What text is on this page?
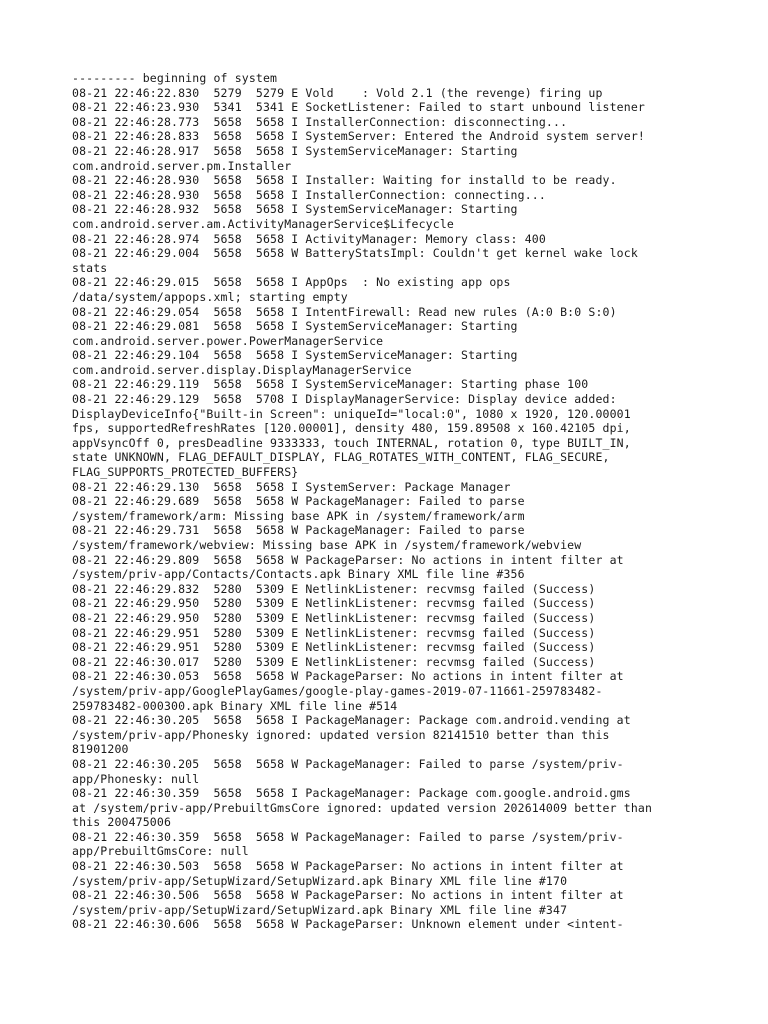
--------- beginning of system
08-21 22:46:22.830  5279  5279 E Vold    : Vold 2.1 (the revenge) firing up
08-21 22:46:23.930  5341  5341 E SocketListener: Failed to start unbound listener
08-21 22:46:28.773  5658  5658 I InstallerConnection: disconnecting...
08-21 22:46:28.833  5658  5658 I SystemServer: Entered the Android system server!
08-21 22:46:28.917  5658  5658 I SystemServiceManager: Starting
com.android.server.pm.Installer
08-21 22:46:28.930  5658  5658 I Installer: Waiting for installd to be ready.
08-21 22:46:28.930  5658  5658 I InstallerConnection: connecting...
08-21 22:46:28.932  5658  5658 I SystemServiceManager: Starting
com.android.server.am.ActivityManagerService$Lifecycle
08-21 22:46:28.974  5658  5658 I ActivityManager: Memory class: 400
08-21 22:46:29.004  5658  5658 W BatteryStatsImpl: Couldn't get kernel wake lock
stats
08-21 22:46:29.015  5658  5658 I AppOps  : No existing app ops
/data/system/appops.xml; starting empty
08-21 22:46:29.054  5658  5658 I IntentFirewall: Read new rules (A:0 B:0 S:0)
08-21 22:46:29.081  5658  5658 I SystemServiceManager: Starting
com.android.server.power.PowerManagerService
08-21 22:46:29.104  5658  5658 I SystemServiceManager: Starting
com.android.server.display.DisplayManagerService
08-21 22:46:29.119  5658  5658 I SystemServiceManager: Starting phase 100
08-21 22:46:29.129  5658  5708 I DisplayManagerService: Display device added:
DisplayDeviceInfo{"Built-in Screen": uniqueId="local:0", 1080 x 1920, 120.00001
fps, supportedRefreshRates [120.00001], density 480, 159.89508 x 160.42105 dpi,
appVsyncOff 0, presDeadline 9333333, touch INTERNAL, rotation 0, type BUILT_IN,
state UNKNOWN, FLAG_DEFAULT_DISPLAY, FLAG_ROTATES_WITH_CONTENT, FLAG_SECURE,
FLAG_SUPPORTS_PROTECTED_BUFFERS}
08-21 22:46:29.130  5658  5658 I SystemServer: Package Manager
08-21 22:46:29.689  5658  5658 W PackageManager: Failed to parse
/system/framework/arm: Missing base APK in /system/framework/arm
08-21 22:46:29.731  5658  5658 W PackageManager: Failed to parse
/system/framework/webview: Missing base APK in /system/framework/webview
08-21 22:46:29.809  5658  5658 W PackageParser: No actions in intent filter at
/system/priv-app/Contacts/Contacts.apk Binary XML file line #356
08-21 22:46:29.832  5280  5309 E NetlinkListener: recvmsg failed (Success)
08-21 22:46:29.950  5280  5309 E NetlinkListener: recvmsg failed (Success)
08-21 22:46:29.950  5280  5309 E NetlinkListener: recvmsg failed (Success)
08-21 22:46:29.951  5280  5309 E NetlinkListener: recvmsg failed (Success)
08-21 22:46:29.951  5280  5309 E NetlinkListener: recvmsg failed (Success)
08-21 22:46:30.017  5280  5309 E NetlinkListener: recvmsg failed (Success)
08-21 22:46:30.053  5658  5658 W PackageParser: No actions in intent filter at
/system/priv-app/GooglePlayGames/google-play-games-2019-07-11661-259783482-
259783482-000300.apk Binary XML file line #514
08-21 22:46:30.205  5658  5658 I PackageManager: Package com.android.vending at
/system/priv-app/Phonesky ignored: updated version 82141510 better than this
81901200
08-21 22:46:30.205  5658  5658 W PackageManager: Failed to parse /system/priv-
app/Phonesky: null
08-21 22:46:30.359  5658  5658 I PackageManager: Package com.google.android.gms
at /system/priv-app/PrebuiltGmsCore ignored: updated version 202614009 better than
this 200475006
08-21 22:46:30.359  5658  5658 W PackageManager: Failed to parse /system/priv-
app/PrebuiltGmsCore: null
08-21 22:46:30.503  5658  5658 W PackageParser: No actions in intent filter at
/system/priv-app/SetupWizard/SetupWizard.apk Binary XML file line #170
08-21 22:46:30.506  5658  5658 W PackageParser: No actions in intent filter at
/system/priv-app/SetupWizard/SetupWizard.apk Binary XML file line #347
08-21 22:46:30.606  5658  5658 W PackageParser: Unknown element under <intent-
